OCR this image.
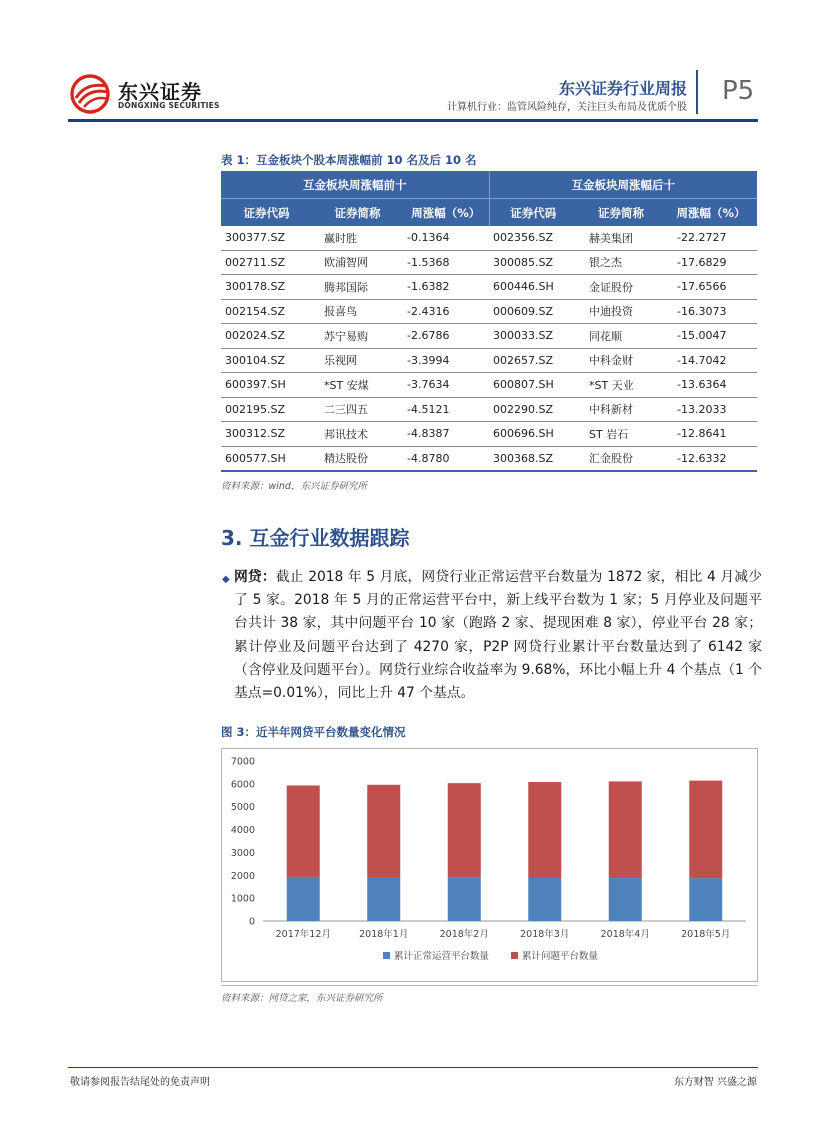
东兴证券
DONGXING SECURITIES
东兴证券行业周报
计算机行业：监管风险纯存，关注巨头布局及优质个股
P5
表 1：互金板块个股本周涨幅前 10 名及后 10 名
互金板块周涨幅前十			互金板块周涨幅后十		
证券代码	证券简称	周涨幅（%）	证券代码	证券简称	周涨幅（%）
300377.SZ	赢时胜	-0.1364	002356.SZ	赫美集团	-22.2727
002711.SZ	欧浦智网	-1.5368	300085.SZ	银之杰	-17.6829
300178.SZ	腾邦国际	-1.6382	600446.SH	金证股份	-17.6566
002154.SZ	报喜鸟	-2.4316	000609.SZ	中迪投资	-16.3073
002024.SZ	苏宁易购	-2.6786	300033.SZ	同花顺	-15.0047
300104.SZ	乐视网	-3.3994	002657.SZ	中科金财	-14.7042
600397.SH	*ST 安煤	-3.7634	600807.SH	*ST 天业	-13.6364
002195.SZ	二三四五	-4.5121	002290.SZ	中科新材	-13.2033
300312.SZ	邦讯技术	-4.8387	600696.SH	ST 岩石	-12.8641
600577.SH	精达股份	-4.8780	300368.SZ	汇金股份	-12.6332
资料来源：wind，东兴证券研究所
3. 互金行业数据跟踪
◆ 网贷：截止 2018 年 5 月底，网贷行业正常运营平台数量为 1872 家，相比 4 月减少了 5 家。2018 年 5 月的正常运营平台中，新上线平台数为 1 家；5 月停业及问题平台共计 38 家，其中问题平台 10 家（跑路 2 家、提现困难 8 家），停业平台 28 家；累计停业及问题平台达到了 4270 家，P2P 网贷行业累计平台数量达到了 6142 家（含停业及问题平台）。网贷行业综合收益率为 9.68%，环比小幅上升 4 个基点（1 个基点=0.01%），同比上升 47 个基点。
图 3：近半年网贷平台数量变化情况
0
1000
2000
3000
4000
5000
6000
7000
2017年12月	2018年1月	2018年2月	2018年3月	2018年4月	2018年5月
累计正常运营平台数量	累计问题平台数量
资料来源：网贷之家，东兴证券研究所
敬请参阅报告结尾处的免责声明	东方财智 兴盛之源
